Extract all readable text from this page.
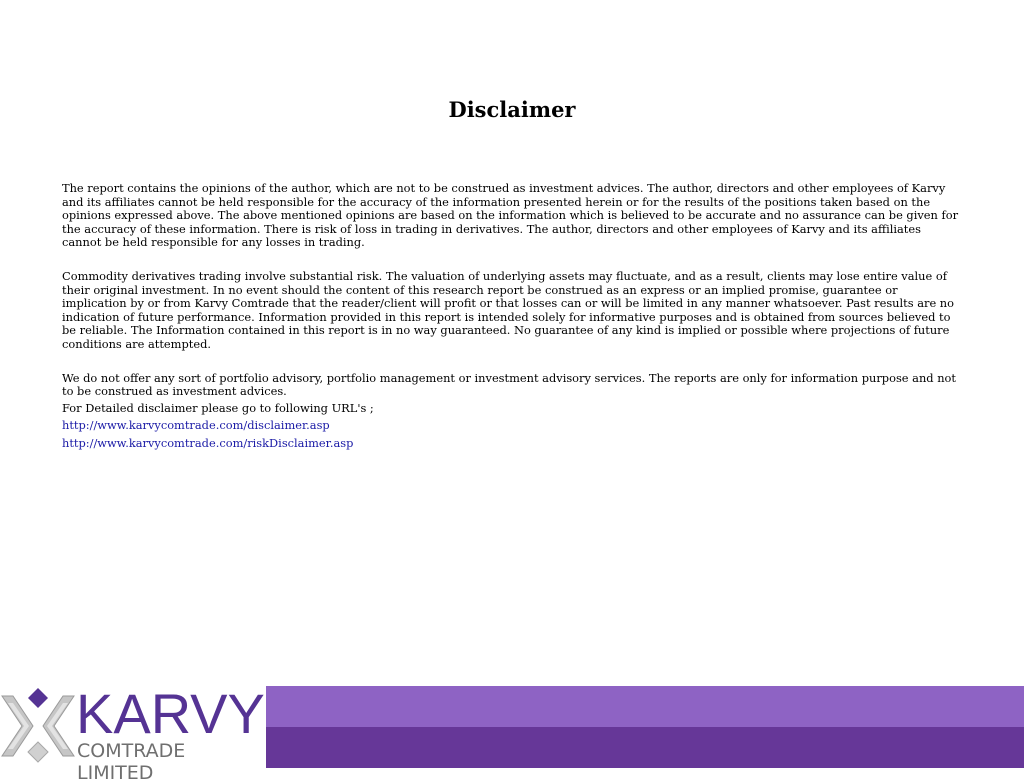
Disclaimer

The report contains the opinions of the author, which are not to be construed as investment advices. The author, directors and other employees of Karvy and its affiliates cannot be held responsible for the accuracy of the information presented herein or for the results of the positions taken based on the opinions expressed above. The above mentioned opinions are based on the information which is believed to be accurate and no assurance can be given for the accuracy of these information. There is risk of loss in trading in derivatives. The author, directors and other employees of Karvy and its affiliates cannot be held responsible for any losses in trading.

Commodity derivatives trading involve substantial risk. The valuation of underlying assets may fluctuate, and as a result, clients may lose entire value of their original investment. In no event should the content of this research report be construed as an express or an implied promise, guarantee or implication by or from Karvy Comtrade that the reader/client will profit or that losses can or will be limited in any manner whatsoever. Past results are no indication of future performance. Information provided in this report is intended solely for informative purposes and is obtained from sources believed to be reliable. The Information contained in this report is in no way guaranteed. No guarantee of any kind is implied or possible where projections of future conditions are attempted.

We do not offer any sort of portfolio advisory, portfolio management or investment advisory services. The reports are only for information purpose and not to be construed as investment advices.

For Detailed disclaimer please go to following URL's ;
http://www.karvycomtrade.com/disclaimer.asp
http://www.karvycomtrade.com/riskDisclaimer.asp
KARVY
COMTRADE LIMITED
